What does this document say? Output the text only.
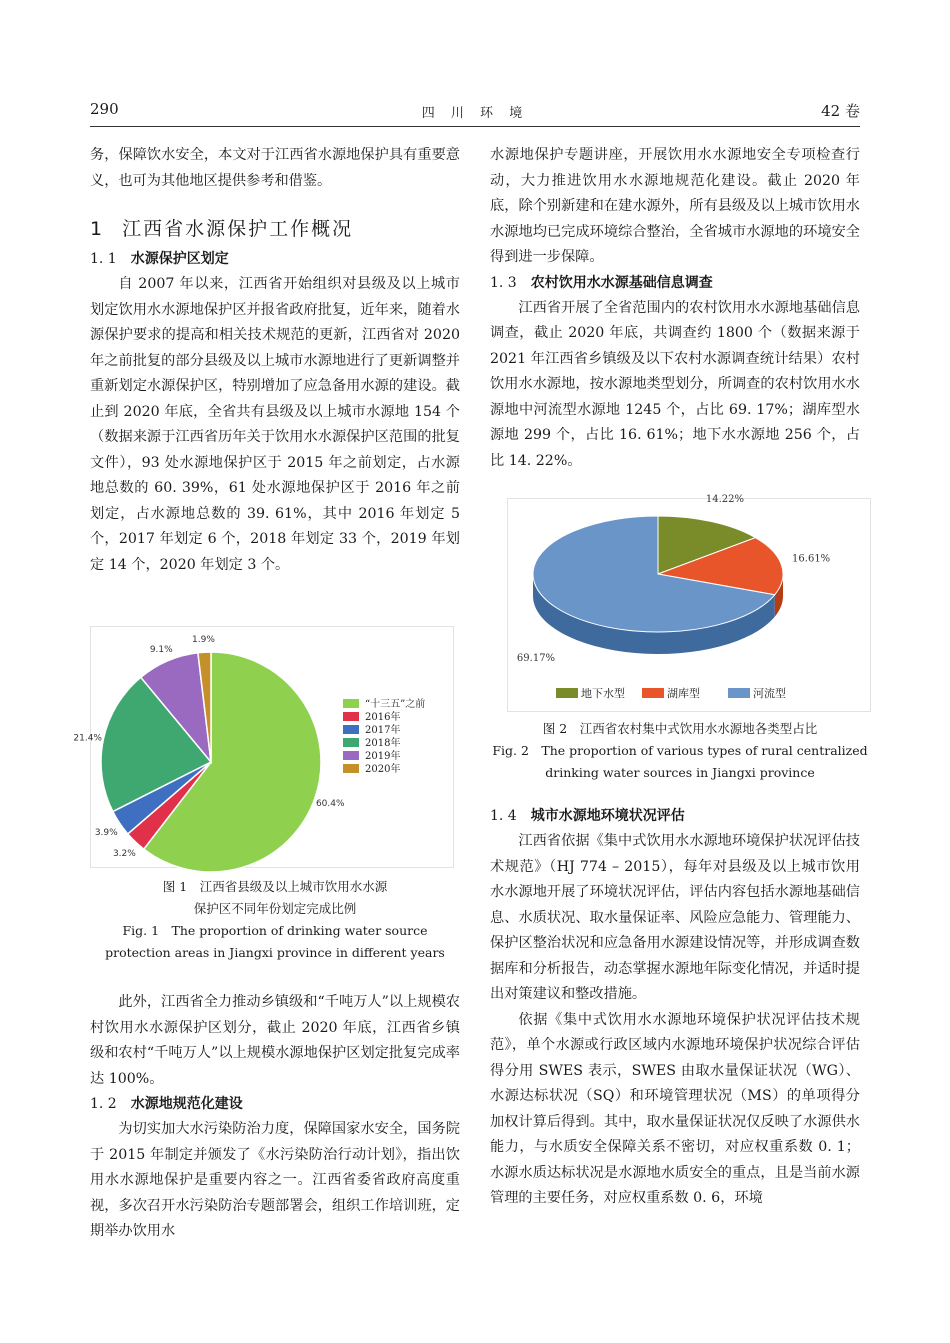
290	四 川 环 境	42 卷

务，保障饮水安全，本文对于江西省水源地保护具有重要意义，也可为其他地区提供参考和借鉴。

1 江西省水源保护工作概况

1. 1 水源保护区划定

自 2007 年以来，江西省开始组织对县级及以上城市划定饮用水水源地保护区并报省政府批复，近年来，随着水源保护要求的提高和相关技术规范的更新，江西省对 2020 年之前批复的部分县级及以上城市水源地进行了更新调整并重新划定水源保护区，特别增加了应急备用水源的建设。截止到 2020 年底，全省共有县级及以上城市水源地 154 个（数据来源于江西省历年关于饮用水水源保护区范围的批复文件），93 处水源地保护区于 2015 年之前划定，占水源地总数的 60. 39%，61 处水源地保护区于 2016 年之前划定，占水源地总数的 39. 61%，其中 2016 年划定 5 个，2017 年划定 6 个，2018 年划定 33 个，2019 年划定 14 个，2020 年划定 3 个。

60.4%
3.2%
3.9%
21.4%
9.1%
1.9%
“十三五”之前
2016年
2017年
2018年
2019年
2020年
图 1　江西省县级及以上城市饮用水水源
保护区不同年份划定完成比例
Fig. 1　The proportion of drinking water source
protection areas in Jiangxi province in different years

此外，江西省全力推动乡镇级和“千吨万人”以上规模农村饮用水水源保护区划分，截止 2020 年底，江西省乡镇级和农村“千吨万人”以上规模水源地保护区划定批复完成率达 100%。

1. 2 水源地规范化建设

为切实加大水污染防治力度，保障国家水安全，国务院于 2015 年制定并颁发了《水污染防治行动计划》，指出饮用水水源地保护是重要内容之一。江西省委省政府高度重视，多次召开水污染防治专题部署会，组织工作培训班，定期举办饮用水

水源地保护专题讲座，开展饮用水水源地安全专项检查行动，大力推进饮用水水源地规范化建设。截止 2020 年底，除个别新建和在建水源外，所有县级及以上城市饮用水水源地均已完成环境综合整治，全省城市水源地的环境安全得到进一步保障。

1. 3 农村饮用水水源基础信息调查

江西省开展了全省范围内的农村饮用水水源地基础信息调查，截止 2020 年底，共调查约 1800 个（数据来源于 2021 年江西省乡镇级及以下农村水源调查统计结果）农村饮用水水源地，按水源地类型划分，所调查的农村饮用水水源地中河流型水源地 1245 个，占比 69. 17%；湖库型水源地 299 个，占比 16. 61%；地下水水源地 256 个，占比 14. 22%。

14.22%
16.61%
69.17%
地下水型	湖库型	河流型
图 2　江西省农村集中式饮用水水源地各类型占比
Fig. 2　The proportion of various types of rural centralized
drinking water sources in Jiangxi province

1. 4 城市水源地环境状况评估

江西省依据《集中式饮用水水源地环境保护状况评估技术规范》（HJ 774 – 2015），每年对县级及以上城市饮用水水源地开展了环境状况评估，评估内容包括水源地基础信息、水质状况、取水量保证率、风险应急能力、管理能力、保护区整治状况和应急备用水源建设情况等，并形成调查数据库和分析报告，动态掌握水源地年际变化情况，并适时提出对策建议和整改措施。

依据《集中式饮用水水源地环境保护状况评估技术规范》，单个水源或行政区域内水源地环境保护状况综合评估得分用 SWES 表示，SWES 由取水量保证状况（WG）、水源达标状况（SQ）和环境管理状况（MS）的单项得分加权计算后得到。其中，取水量保证状况仅反映了水源供水能力，与水质安全保障关系不密切，对应权重系数 0. 1；水源水质达标状况是水源地水质安全的重点，且是当前水源管理的主要任务，对应权重系数 0. 6，环境
